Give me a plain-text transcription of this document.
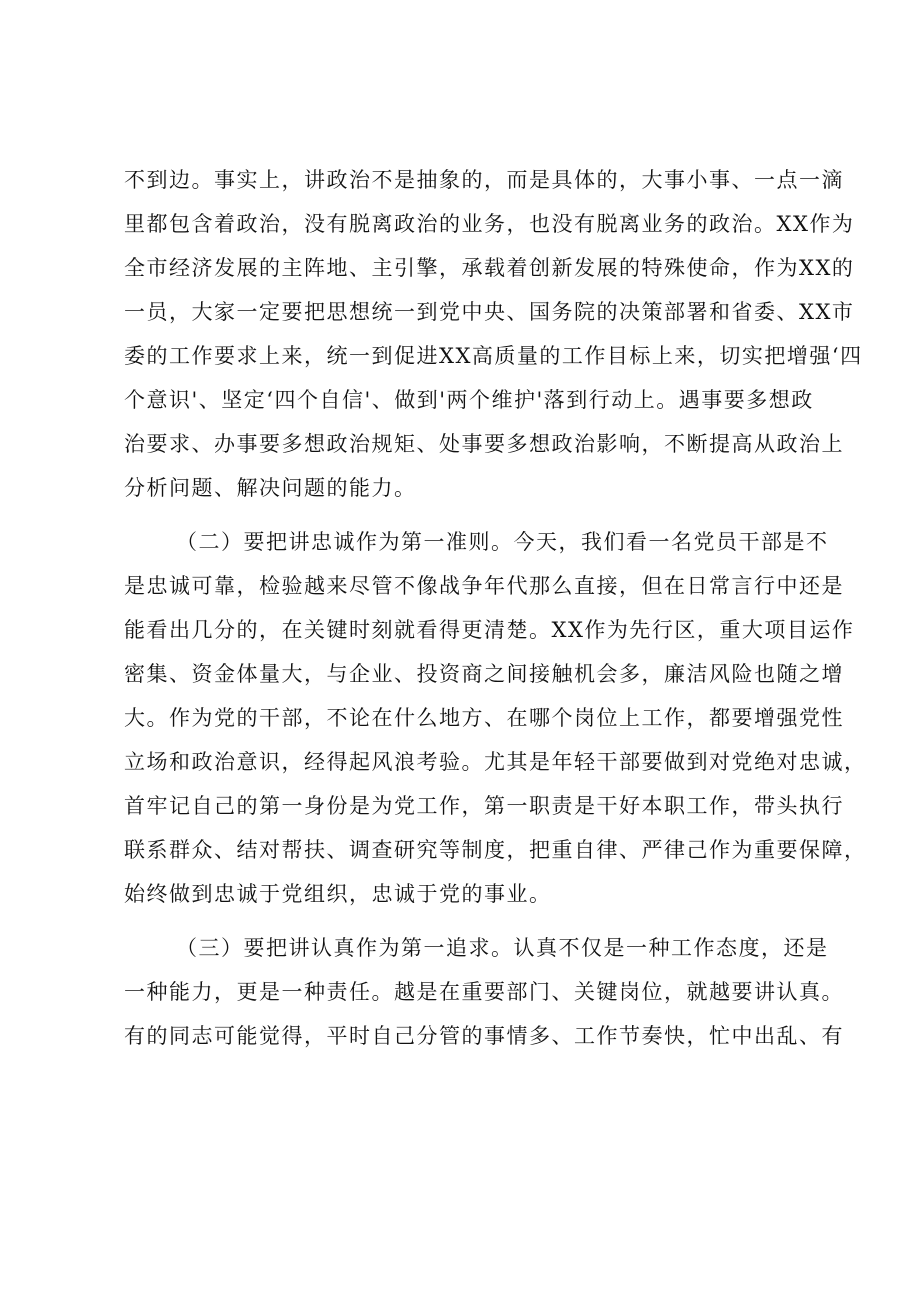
不到边。事实上，讲政治不是抽象的，而是具体的，大事小事、一点一滴
里都包含着政治，没有脱离政治的业务，也没有脱离业务的政治。XX作为
全市经济发展的主阵地、主引擎，承载着创新发展的特殊使命，作为XX的
一员，大家一定要把思想统一到党中央、国务院的决策部署和省委、XX市
委的工作要求上来，统一到促进XX高质量的工作目标上来，切实把增强‘四
个意识'、坚定‘四个自信'、做到'两个维护'落到行动上。遇事要多想政
治要求、办事要多想政治规矩、处事要多想政治影响，不断提高从政治上
分析问题、解决问题的能力。
（二）要把讲忠诚作为第一准则。今天，我们看一名党员干部是不
是忠诚可靠，检验越来尽管不像战争年代那么直接，但在日常言行中还是
能看出几分的，在关键时刻就看得更清楚。XX作为先行区，重大项目运作
密集、资金体量大，与企业、投资商之间接触机会多，廉洁风险也随之增
大。作为党的干部，不论在什么地方、在哪个岗位上工作，都要增强党性
立场和政治意识，经得起风浪考验。尤其是年轻干部要做到对党绝对忠诚，
首牢记自己的第一身份是为党工作，第一职责是干好本职工作，带头执行
联系群众、结对帮扶、调查研究等制度，把重自律、严律己作为重要保障，
始终做到忠诚于党组织，忠诚于党的事业。
（三）要把讲认真作为第一追求。认真不仅是一种工作态度，还是
一种能力，更是一种责任。越是在重要部门、关键岗位，就越要讲认真。
有的同志可能觉得，平时自己分管的事情多、工作节奏快，忙中出乱、有
